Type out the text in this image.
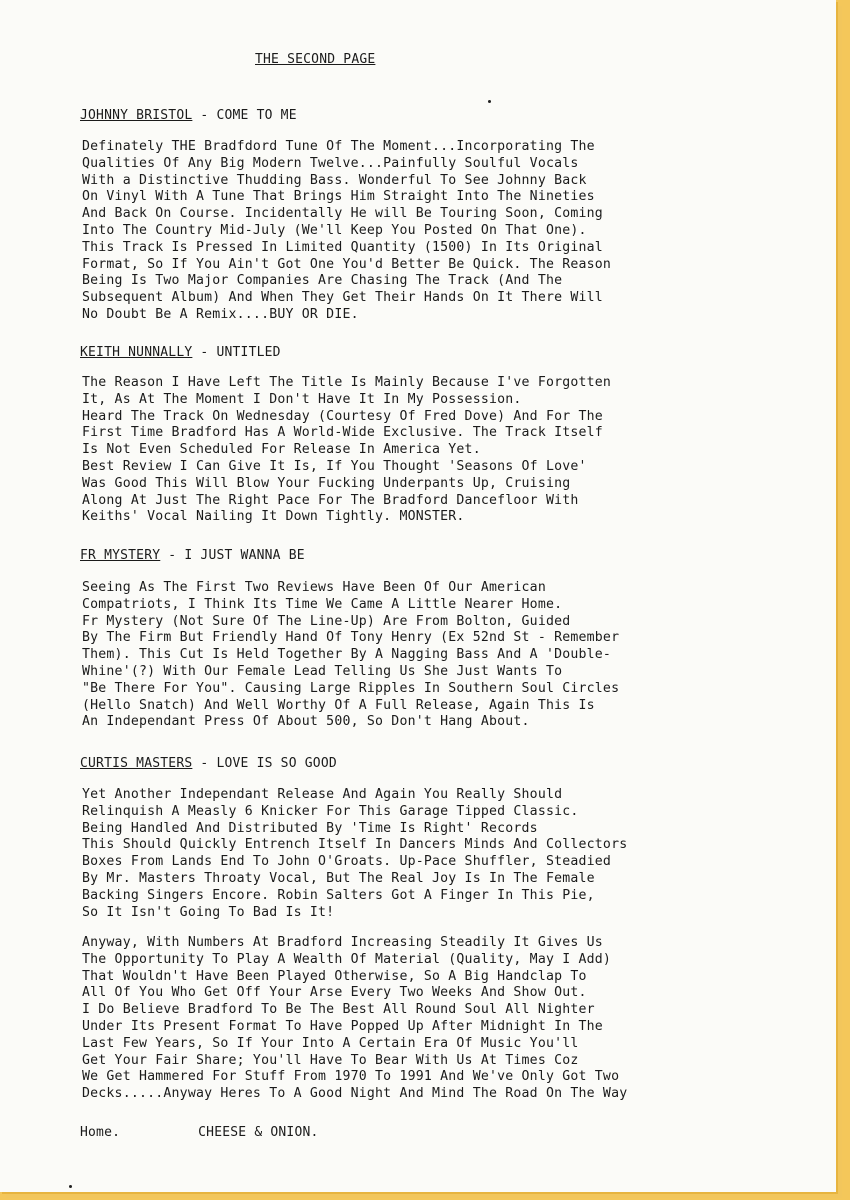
THE SECOND PAGE
JOHNNY BRISTOL - COME TO ME
Definately THE Bradfdord Tune Of The Moment...Incorporating The
Qualities Of Any Big Modern Twelve...Painfully Soulful Vocals
With a Distinctive Thudding Bass. Wonderful To See Johnny Back
On Vinyl With A Tune That Brings Him Straight Into The Nineties
And Back On Course. Incidentally He will Be Touring Soon, Coming
Into The Country Mid-July (We'll Keep You Posted On That One).
This Track Is Pressed In Limited Quantity (1500) In Its Original
Format, So If You Ain't Got One You'd Better Be Quick. The Reason
Being Is Two Major Companies Are Chasing The Track (And The
Subsequent Album) And When They Get Their Hands On It There Will
No Doubt Be A Remix....BUY OR DIE.
KEITH NUNNALLY - UNTITLED
The Reason I Have Left The Title Is Mainly Because I've Forgotten
It, As At The Moment I Don't Have It In My Possession.
Heard The Track On Wednesday (Courtesy Of Fred Dove) And For The
First Time Bradford Has A World-Wide Exclusive. The Track Itself
Is Not Even Scheduled For Release In America Yet.
Best Review I Can Give It Is, If You Thought 'Seasons Of Love'
Was Good This Will Blow Your Fucking Underpants Up, Cruising
Along At Just The Right Pace For The Bradford Dancefloor With
Keiths' Vocal Nailing It Down Tightly. MONSTER.
FR MYSTERY - I JUST WANNA BE
Seeing As The First Two Reviews Have Been Of Our American
Compatriots, I Think Its Time We Came A Little Nearer Home.
Fr Mystery (Not Sure Of The Line-Up) Are From Bolton, Guided
By The Firm But Friendly Hand Of Tony Henry (Ex 52nd St - Remember
Them). This Cut Is Held Together By A Nagging Bass And A 'Double-
Whine'(?) With Our Female Lead Telling Us She Just Wants To
"Be There For You". Causing Large Ripples In Southern Soul Circles
(Hello Snatch) And Well Worthy Of A Full Release, Again This Is
An Independant Press Of About 500, So Don't Hang About.
CURTIS MASTERS - LOVE IS SO GOOD
Yet Another Independant Release And Again You Really Should
Relinquish A Measly 6 Knicker For This Garage Tipped Classic.
Being Handled And Distributed By 'Time Is Right' Records
This Should Quickly Entrench Itself In Dancers Minds And Collectors
Boxes From Lands End To John O'Groats. Up-Pace Shuffler, Steadied
By Mr. Masters Throaty Vocal, But The Real Joy Is In The Female
Backing Singers Encore. Robin Salters Got A Finger In This Pie,
So It Isn't Going To Bad Is It!
Anyway, With Numbers At Bradford Increasing Steadily It Gives Us
The Opportunity To Play A Wealth Of Material (Quality, May I Add)
That Wouldn't Have Been Played Otherwise, So A Big Handclap To
All Of You Who Get Off Your Arse Every Two Weeks And Show Out.
I Do Believe Bradford To Be The Best All Round Soul All Nighter
Under Its Present Format To Have Popped Up After Midnight In The
Last Few Years, So If Your Into A Certain Era Of Music You'll
Get Your Fair Share; You'll Have To Bear With Us At Times Coz
We Get Hammered For Stuff From 1970 To 1991 And We've Only Got Two
Decks.....Anyway Heres To A Good Night And Mind The Road On The Way
Home.	CHEESE & ONION.
